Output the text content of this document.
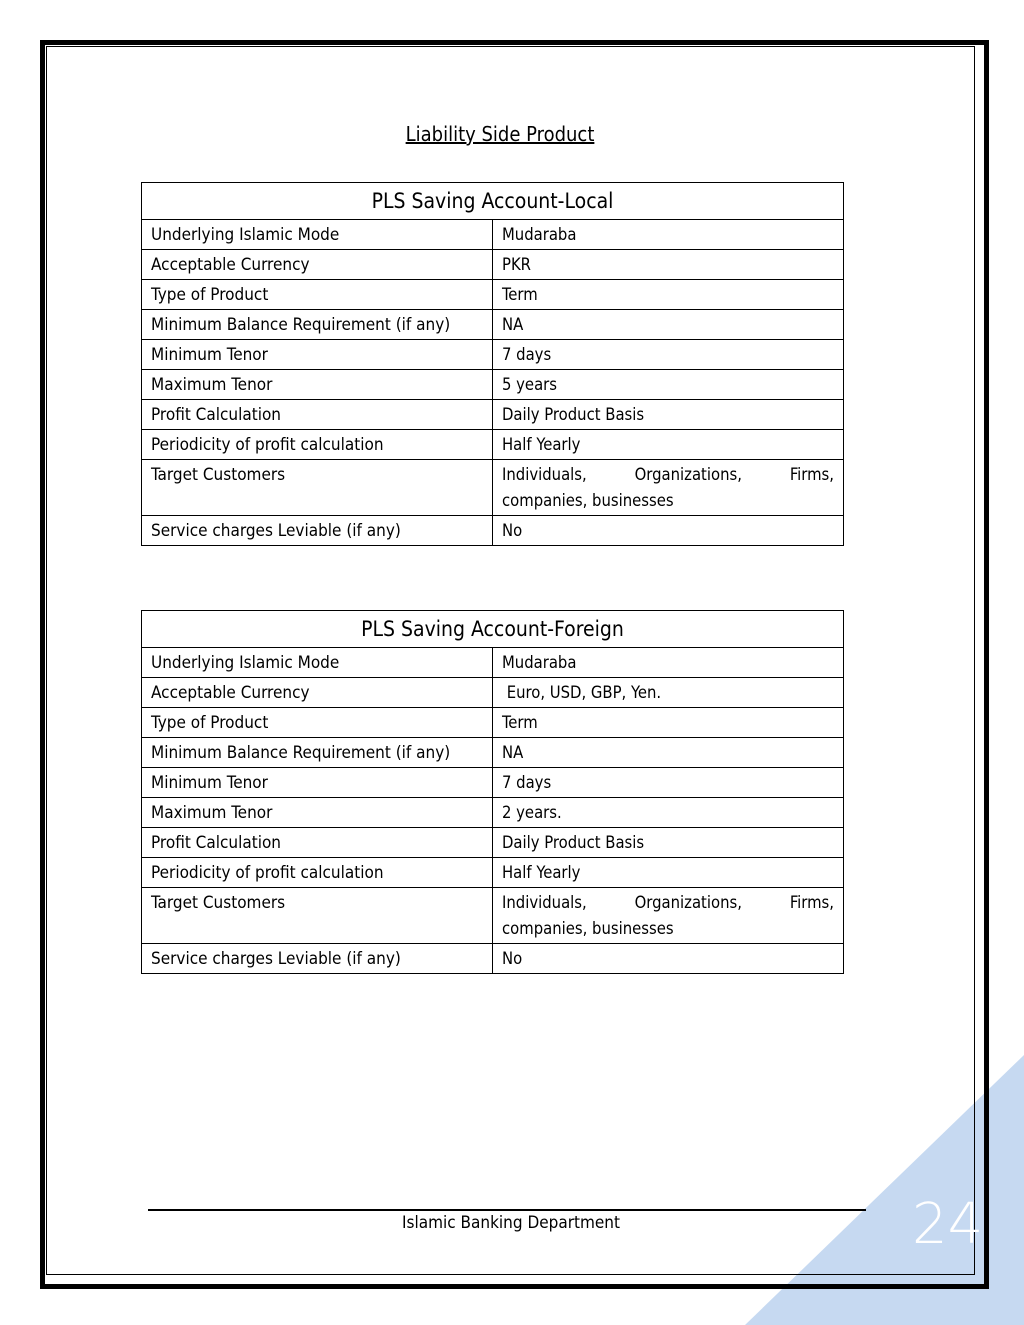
Liability Side Product
PLS Saving Account-Local	
Underlying Islamic Mode	Mudaraba
Acceptable Currency	PKR
Type of Product	Term
Minimum Balance Requirement (if any)	NA
Minimum Tenor	7 days
Maximum Tenor	5 years
Profit Calculation	Daily Product Basis
Periodicity of profit calculation	Half Yearly
Target Customers	Individuals, Organizations, Firms, companies, businesses
Service charges Leviable (if any)	No
PLS Saving Account-Foreign	
Underlying Islamic Mode	Mudaraba
Acceptable Currency	Euro, USD, GBP, Yen.
Type of Product	Term
Minimum Balance Requirement (if any)	NA
Minimum Tenor	7 days
Maximum Tenor	2 years.
Profit Calculation	Daily Product Basis
Periodicity of profit calculation	Half Yearly
Target Customers	Individuals, Organizations, Firms, companies, businesses
Service charges Leviable (if any)	No
Islamic Banking Department	24
